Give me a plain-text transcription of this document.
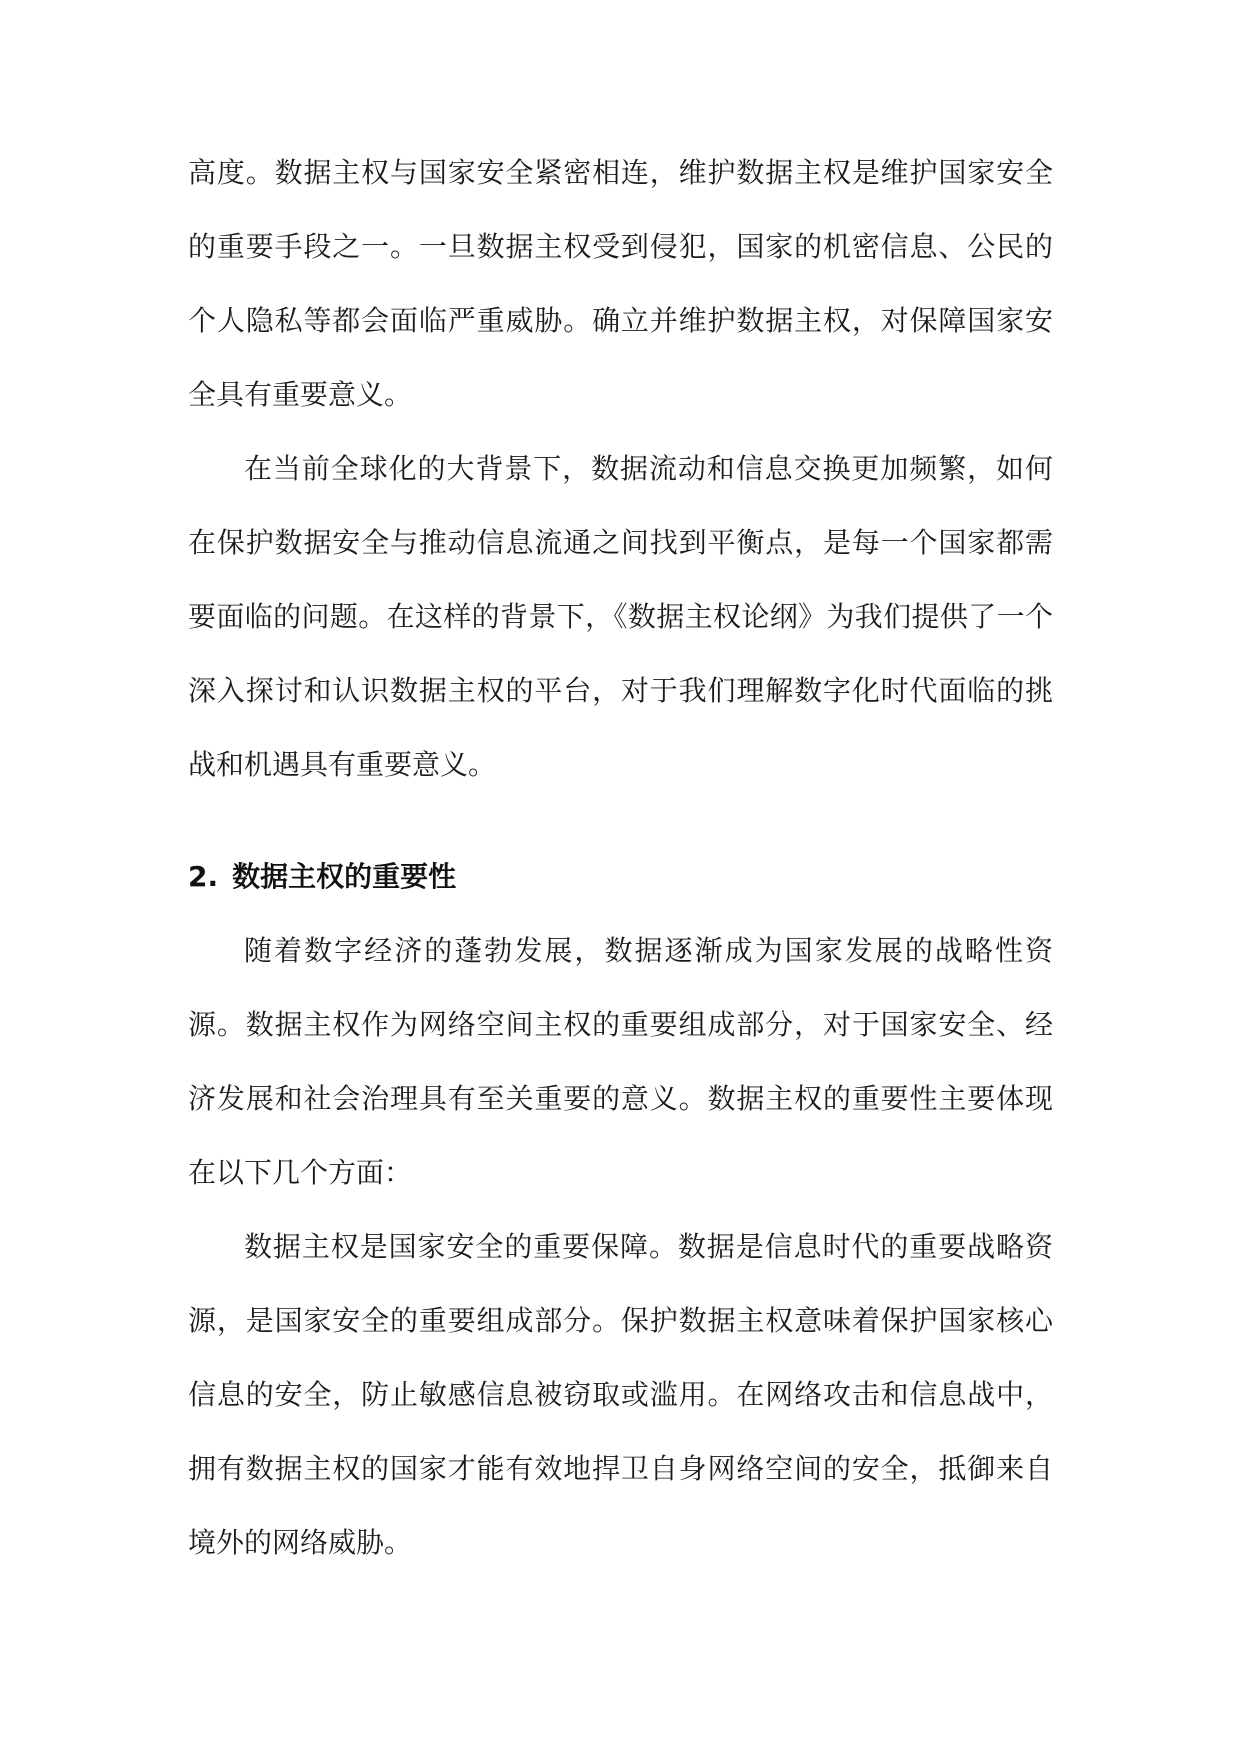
高度。数据主权与国家安全紧密相连，维护数据主权是维护国家安全的重要手段之一。一旦数据主权受到侵犯，国家的机密信息、公民的个人隐私等都会面临严重威胁。确立并维护数据主权，对保障国家安全具有重要意义。

在当前全球化的大背景下，数据流动和信息交换更加频繁，如何在保护数据安全与推动信息流通之间找到平衡点，是每一个国家都需要面临的问题。在这样的背景下，《数据主权论纲》为我们提供了一个深入探讨和认识数据主权的平台，对于我们理解数字化时代面临的挑战和机遇具有重要意义。

2. 数据主权的重要性

随着数字经济的蓬勃发展，数据逐渐成为国家发展的战略性资源。数据主权作为网络空间主权的重要组成部分，对于国家安全、经济发展和社会治理具有至关重要的意义。数据主权的重要性主要体现在以下几个方面：

数据主权是国家安全的重要保障。数据是信息时代的重要战略资源，是国家安全的重要组成部分。保护数据主权意味着保护国家核心信息的安全，防止敏感信息被窃取或滥用。在网络攻击和信息战中，拥有数据主权的国家才能有效地捍卫自身网络空间的安全，抵御来自境外的网络威胁。
